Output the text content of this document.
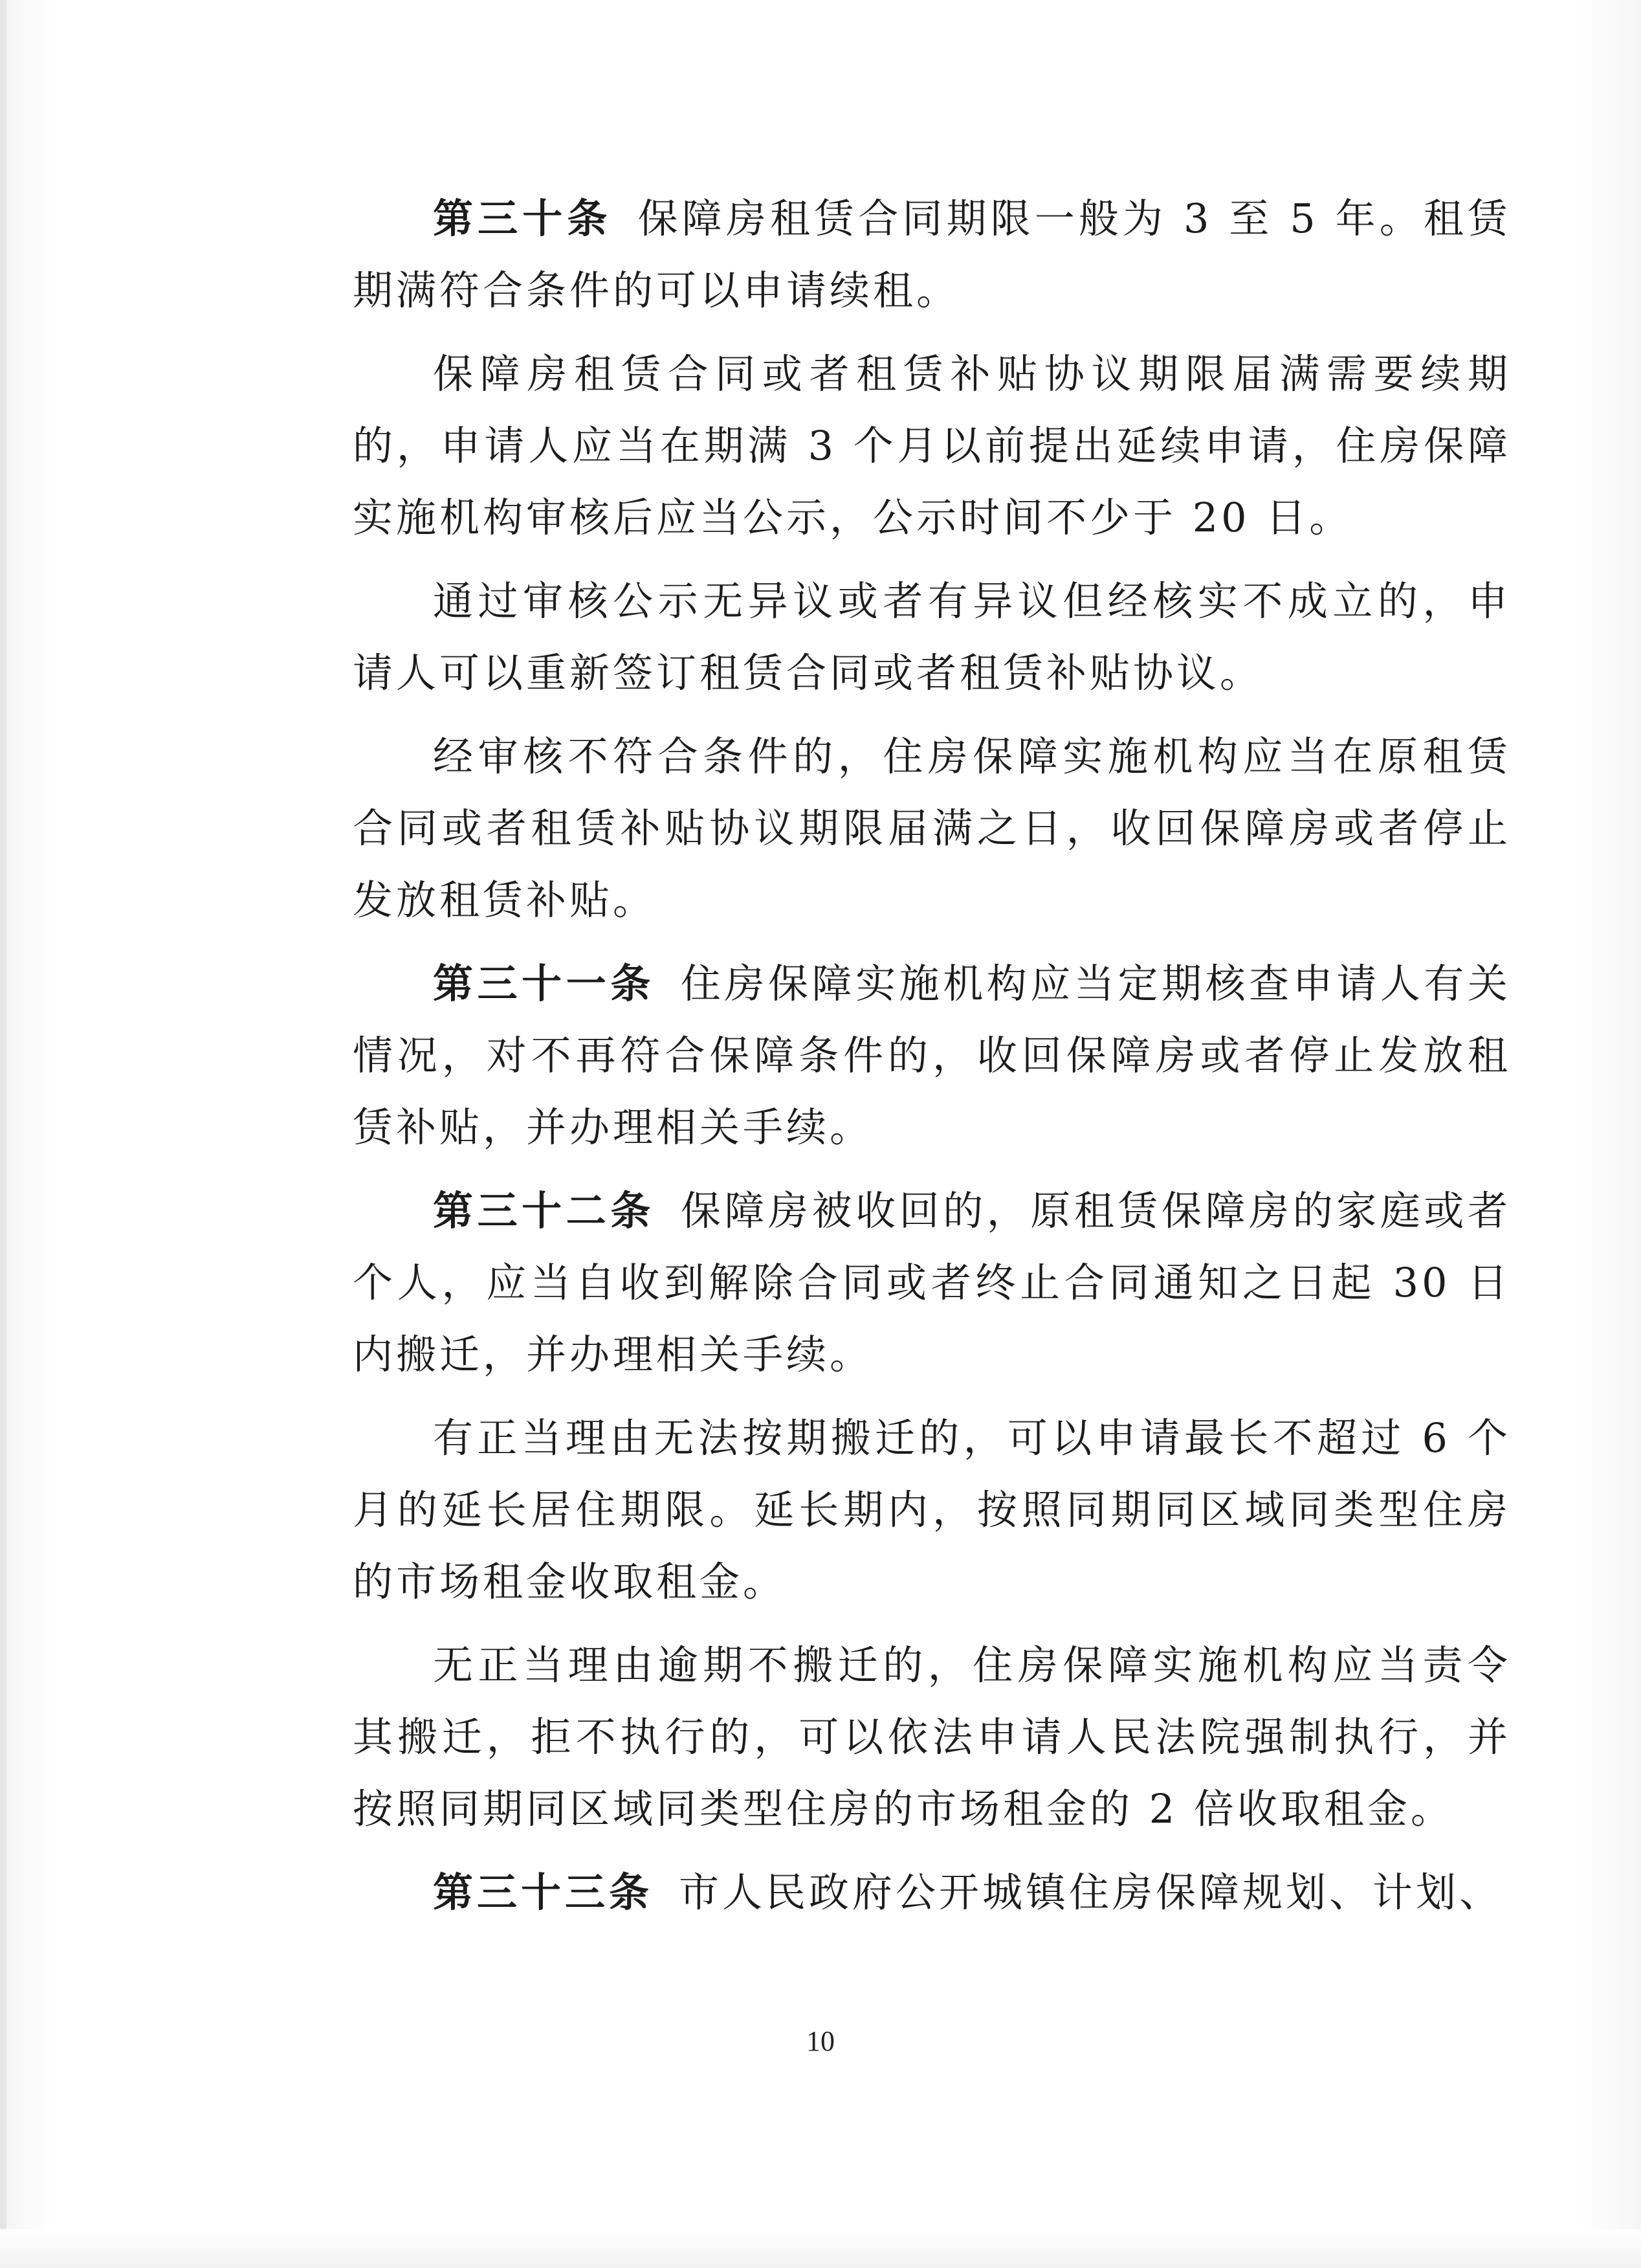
第三十条 保障房租赁合同期限一般为 3 至 5 年。租赁期满符合条件的可以申请续租。

保障房租赁合同或者租赁补贴协议期限届满需要续期的，申请人应当在期满 3 个月以前提出延续申请，住房保障实施机构审核后应当公示，公示时间不少于 20 日。

通过审核公示无异议或者有异议但经核实不成立的，申请人可以重新签订租赁合同或者租赁补贴协议。

经审核不符合条件的，住房保障实施机构应当在原租赁合同或者租赁补贴协议期限届满之日，收回保障房或者停止发放租赁补贴。

第三十一条 住房保障实施机构应当定期核查申请人有关情况，对不再符合保障条件的，收回保障房或者停止发放租赁补贴，并办理相关手续。

第三十二条 保障房被收回的，原租赁保障房的家庭或者个人，应当自收到解除合同或者终止合同通知之日起 30 日内搬迁，并办理相关手续。

有正当理由无法按期搬迁的，可以申请最长不超过 6 个月的延长居住期限。延长期内，按照同期同区域同类型住房的市场租金收取租金。

无正当理由逾期不搬迁的，住房保障实施机构应当责令其搬迁，拒不执行的，可以依法申请人民法院强制执行，并按照同期同区域同类型住房的市场租金的 2 倍收取租金。

第三十三条 市人民政府公开城镇住房保障规划、计划、

10
